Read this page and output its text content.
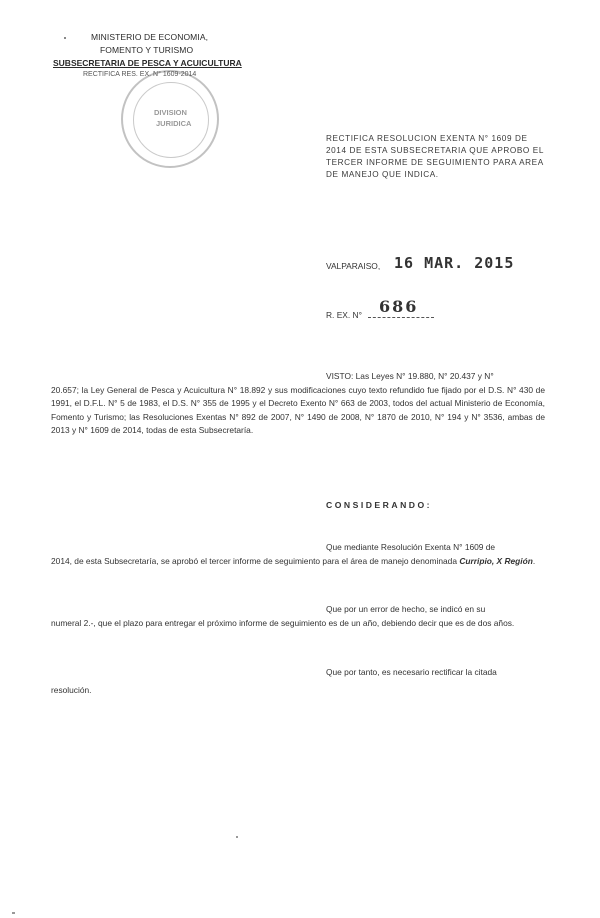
MINISTERIO DE ECONOMIA,
FOMENTO Y TURISMO
SUBSECRETARIA DE PESCA Y ACUICULTURA
RECTIFICA RES. EX. N° 1609-2014
DIVISION
JURIDICA
RECTIFICA RESOLUCION EXENTA N° 1609 DE
2014 DE ESTA SUBSECRETARIA QUE APROBO EL
TERCER INFORME DE SEGUIMIENTO PARA AREA
DE MANEJO QUE INDICA.
VALPARAISO, 16 MAR. 2015
R. EX. N° 686
VISTO: Las Leyes N° 19.880, N° 20.437 y N°
20.657; la Ley General de Pesca y Acuicultura N° 18.892 y sus modificaciones cuyo texto refundido fue fijado por el D.S. N° 430 de 1991, el D.F.L. N° 5 de 1983, el D.S. N° 355 de 1995 y el Decreto Exento N° 663 de 2003, todos del actual Ministerio de Economía, Fomento y Turismo; las Resoluciones Exentas N° 892 de 2007, N° 1490 de 2008, N° 1870 de 2010, N° 194 y N° 3536, ambas de 2013 y N° 1609 de 2014, todas de esta Subsecretaría.
CONSIDERANDO:
Que mediante Resolución Exenta N° 1609 de
2014, de esta Subsecretaría, se aprobó el tercer informe de seguimiento para el área de manejo denominada Curripio, X Región.
Que por un error de hecho, se indicó en su
numeral 2.-, que el plazo para entregar el próximo informe de seguimiento es de un año, debiendo decir que es de dos años.
Que por tanto, es necesario rectificar la citada
resolución.
